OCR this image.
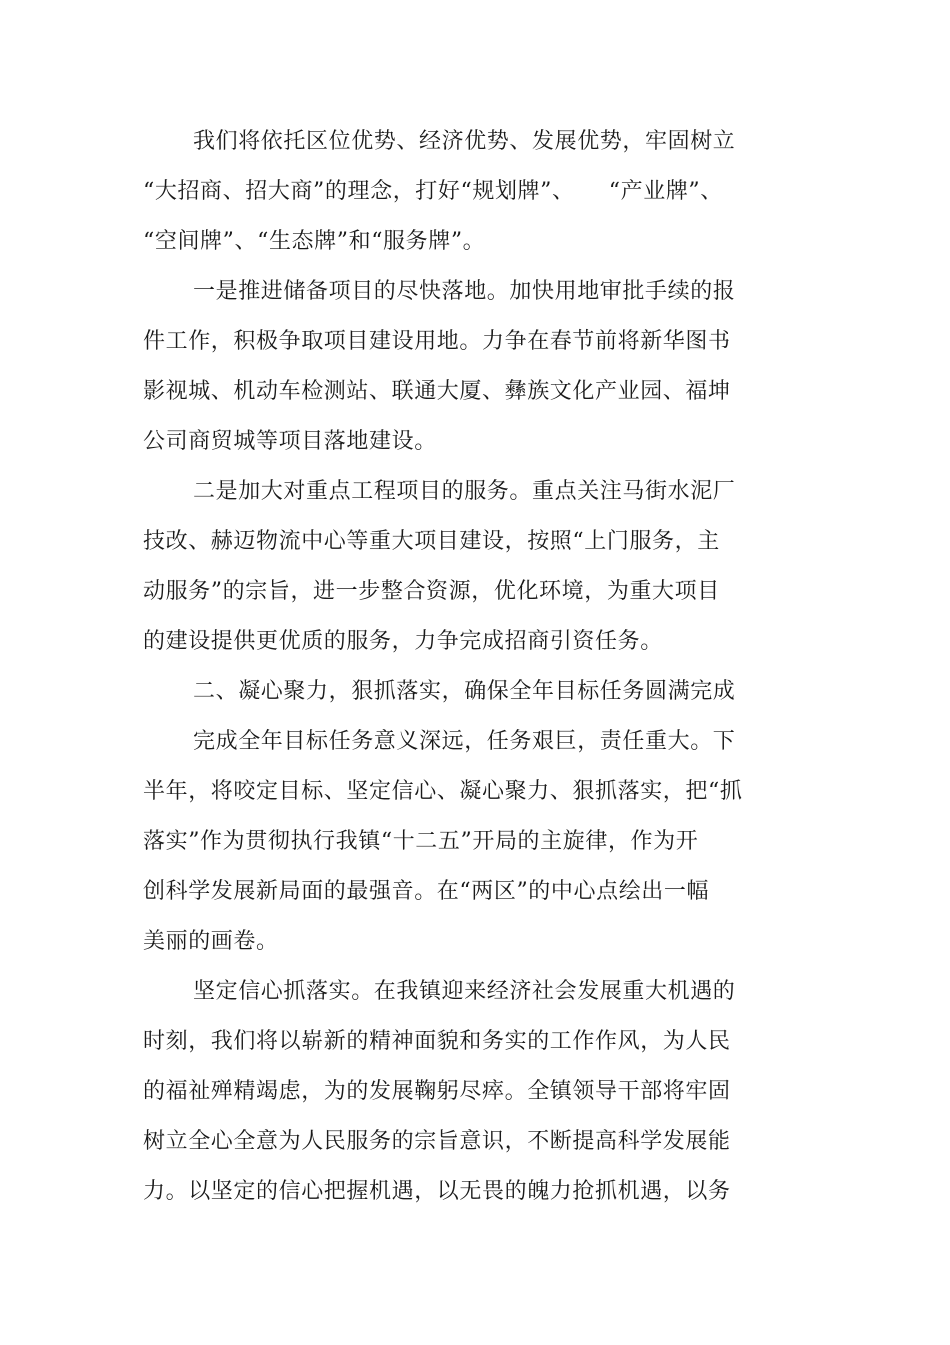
我们将依托区位优势、经济优势、发展优势，牢固树立

“大招商、招大商”的理念，打好“规划牌”、　　“产业牌”、

“空间牌”、“生态牌”和“服务牌”。

一是推进储备项目的尽快落地。加快用地审批手续的报

件工作，积极争取项目建设用地。力争在春节前将新华图书

影视城、机动车检测站、联通大厦、彝族文化产业园、福坤

公司商贸城等项目落地建设。

二是加大对重点工程项目的服务。重点关注马街水泥厂

技改、赫迈物流中心等重大项目建设，按照“上门服务，主

动服务”的宗旨，进一步整合资源，优化环境，为重大项目

的建设提供更优质的服务，力争完成招商引资任务。

二、凝心聚力，狠抓落实，确保全年目标任务圆满完成

完成全年目标任务意义深远，任务艰巨，责任重大。下

半年，将咬定目标、坚定信心、凝心聚力、狠抓落实，把“抓

落实”作为贯彻执行我镇“十二五”开局的主旋律，作为开

创科学发展新局面的最强音。在“两区”的中心点绘出一幅

美丽的画卷。

坚定信心抓落实。在我镇迎来经济社会发展重大机遇的

时刻，我们将以崭新的精神面貌和务实的工作作风，为人民

的福祉殚精竭虑，为的发展鞠躬尽瘁。全镇领导干部将牢固

树立全心全意为人民服务的宗旨意识，不断提高科学发展能

力。以坚定的信心把握机遇，以无畏的魄力抢抓机遇，以务
